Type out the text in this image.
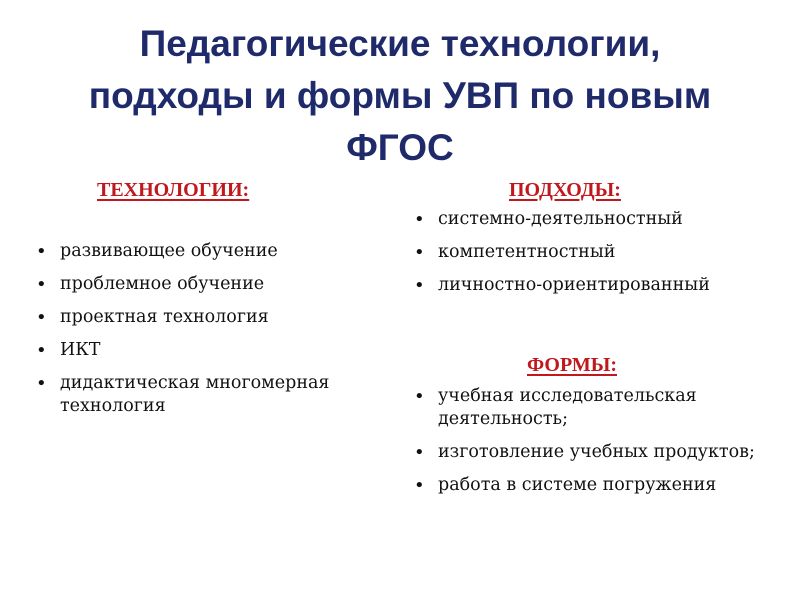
Педагогические технологии,
подходы и формы УВП по новым
ФГОС
ТЕХНОЛОГИИ:
• развивающее обучение
• проблемное обучение
• проектная технология
• ИКТ
• дидактическая многомерная технология
ПОДХОДЫ:
• системно-деятельностный
• компетентностный
• личностно-ориентированный
ФОРМЫ:
• учебная исследовательская деятельность;
• изготовление учебных продуктов;
• работа в системе погружения
